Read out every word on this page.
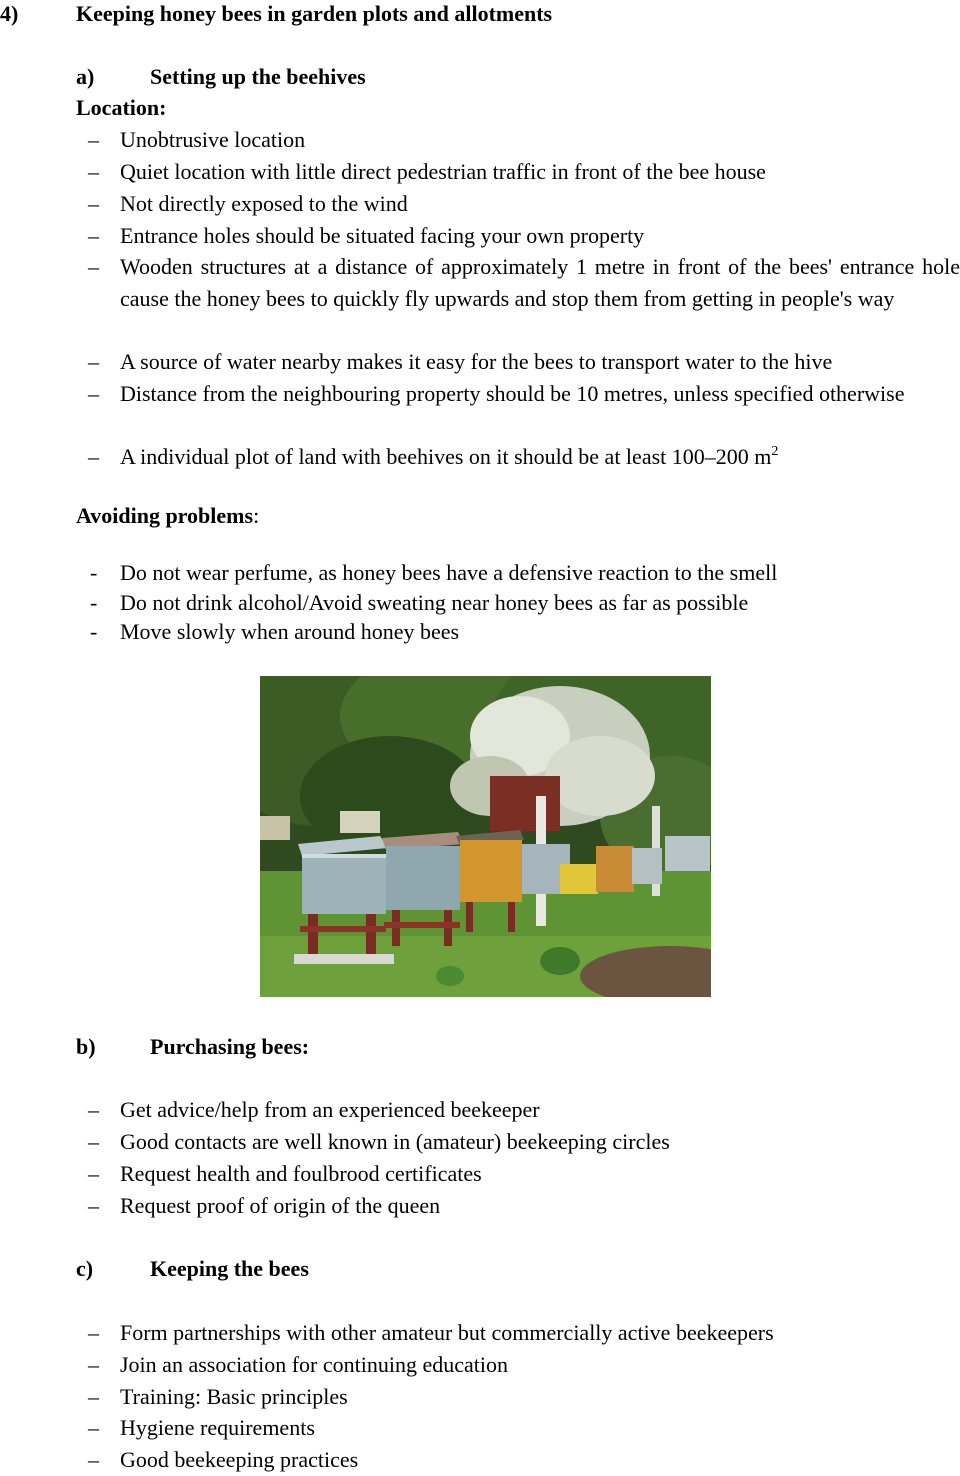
4)	Keeping honey bees in garden plots and allotments
a)	Setting up the beehives
Location:
– Unobtrusive location
– Quiet location with little direct pedestrian traffic in front of the bee house
– Not directly exposed to the wind
– Entrance holes should be situated facing your own property
– Wooden structures at a distance of approximately 1 metre in front of the bees' entrance hole cause the honey bees to quickly fly upwards and stop them from getting in people's way
– A source of water nearby makes it easy for the bees to transport water to the hive
– Distance from the neighbouring property should be 10 metres, unless specified otherwise
– A individual plot of land with beehives on it should be at least 100–200 $m^2$
Avoiding problems:
- Do not wear perfume, as honey bees have a defensive reaction to the smell
- Do not drink alcohol/Avoid sweating near honey bees as far as possible
- Move slowly when around honey bees
b) Purchasing bees:
– Get advice/help from an experienced beekeeper
– Good contacts are well known in (amateur) beekeeping circles
– Request health and foulbrood certificates
– Request proof of origin of the queen
c)	Keeping the bees
– Form partnerships with other amateur but commercially active beekeepers
– Join an association for continuing education
– Training: Basic principles
– Hygiene requirements
– Good beekeeping practices
